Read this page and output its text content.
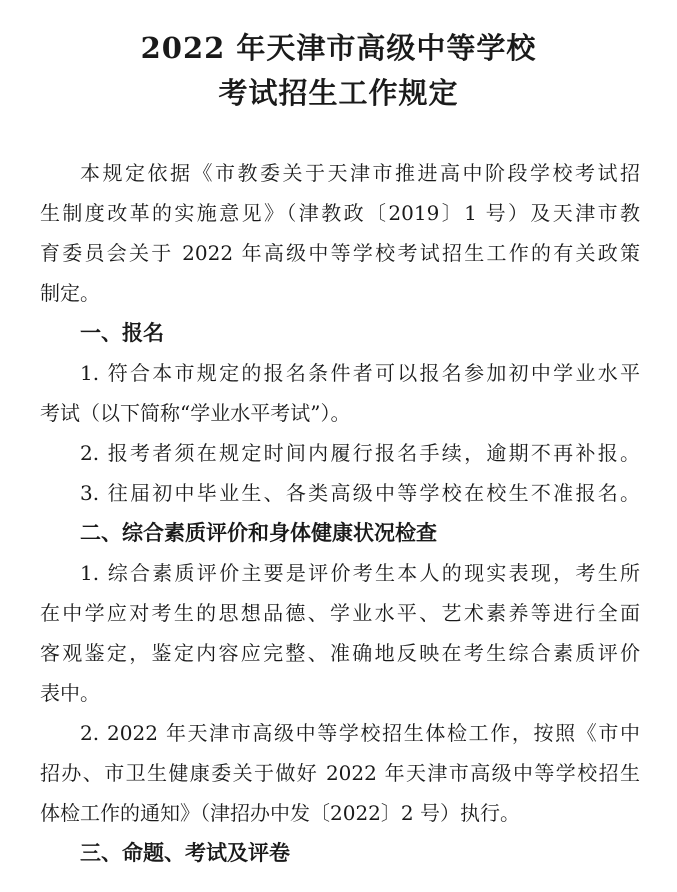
2022 年天津市高级中等学校
考试招生工作规定
本规定依据《市教委关于天津市推进高中阶段学校考试招
生制度改革的实施意见》（津教政〔2019〕1 号）及天津市教
育委员会关于 2022 年高级中等学校考试招生工作的有关政策
制定。
一、报名
1. 符合本市规定的报名条件者可以报名参加初中学业水平
考试（以下简称“学业水平考试”）。
2. 报考者须在规定时间内履行报名手续，逾期不再补报。
3. 往届初中毕业生、各类高级中等学校在校生不准报名。
二、综合素质评价和身体健康状况检查
1. 综合素质评价主要是评价考生本人的现实表现，考生所
在中学应对考生的思想品德、学业水平、艺术素养等进行全面
客观鉴定，鉴定内容应完整、准确地反映在考生综合素质评价
表中。
2. 2022 年天津市高级中等学校招生体检工作，按照《市中
招办、市卫生健康委关于做好 2022 年天津市高级中等学校招生
体检工作的通知》（津招办中发〔2022〕2 号）执行。
三、命题、考试及评卷
